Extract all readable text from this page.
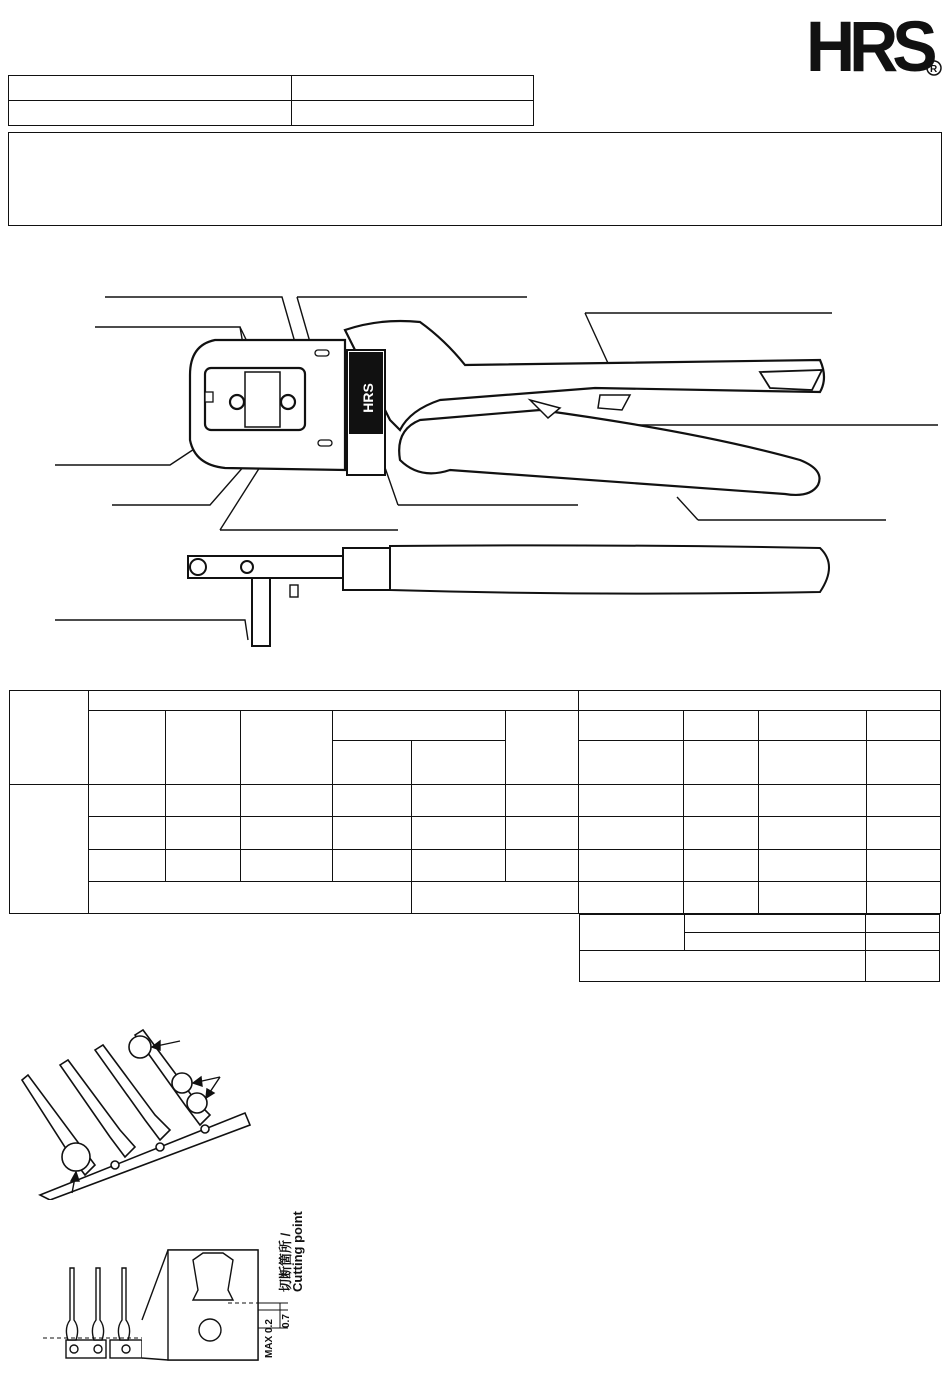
HRS
R

HRS

切断箇所 /
Cutting point
MAX 0.2 0.7
